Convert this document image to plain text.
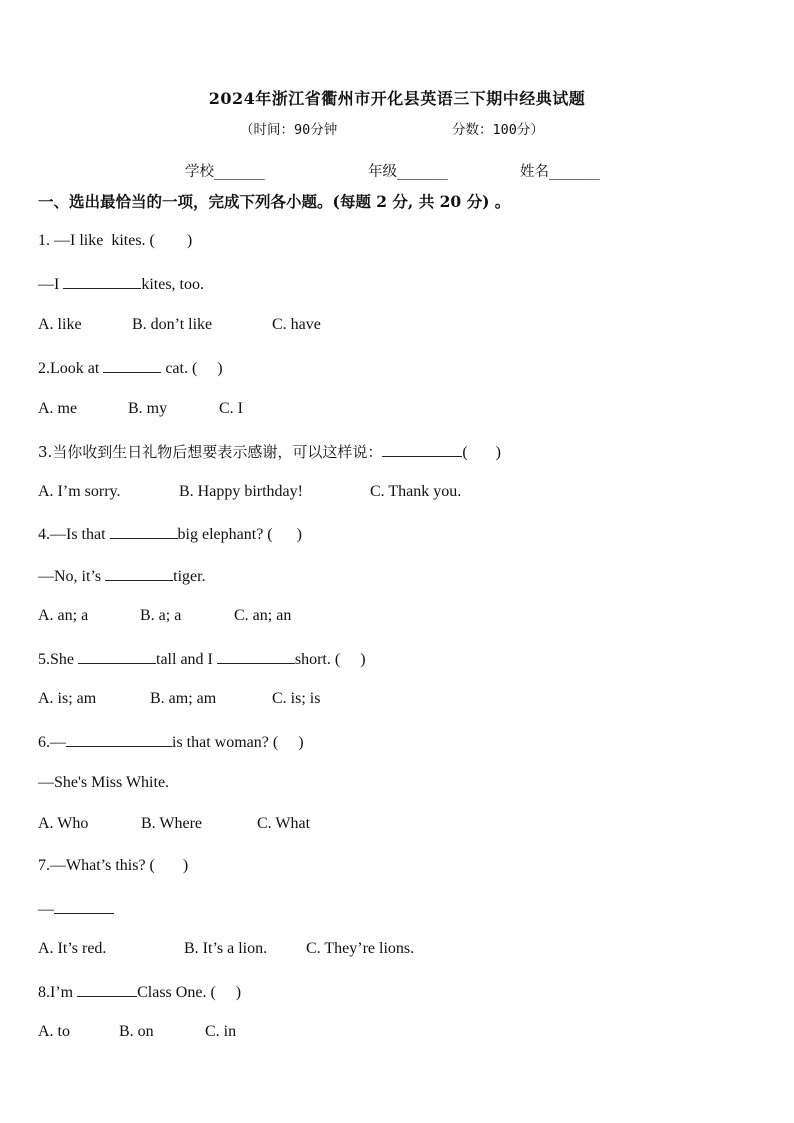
2024年浙江省衢州市开化县英语三下期中经典试题
（时间：90分钟	分数：100分）
学校_______	年级_______	姓名_______
一、选出最恰当的一项，完成下列各小题。(每题 2 分, 共 20 分) 。
1. —I like  kites. (        )
—I	kites, too.
A. like	B. don’t like	C. have
2.Look at	cat. (     )
A. me	B. my	C. I
3.当你收到生日礼物后想要表示感谢，可以这样说：	(       )
A. I’m sorry.	B. Happy birthday!	C. Thank you.
4.—Is that	big elephant? (      )
—No, it’s	tiger.
A. an; a	B. a; a	C. an; an
5.She	tall and I	short. (     )
A. is; am	B. am; am	C. is; is
6.—	is that woman? (     )
—She's Miss White.
A. Who	B. Where	C. What
7.—What’s this? (       )
—
A. It’s red.	B. It’s a lion. C. They’re lions.
8.I’m	Class One. (     )
A. to	B. on	C. in
